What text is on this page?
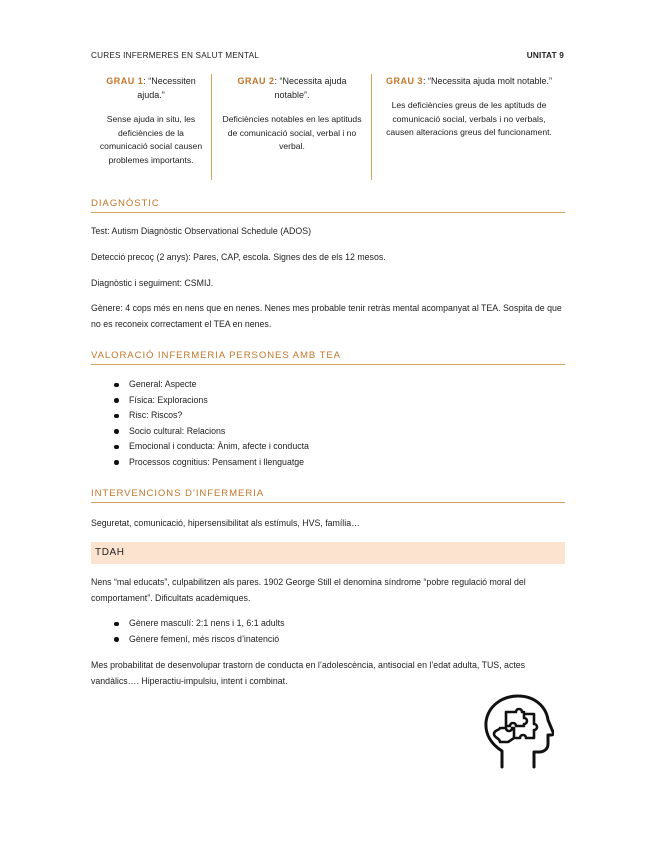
CURES INFERMERES EN SALUT MENTAL	UNITAT 9
GRAU 1: “Necessiten ajuda.”
Sense ajuda in situ, les deficiències de la comunicació social causen problemes importants.
GRAU 2: “Necessita ajuda notable”.
Deficiències notables en les aptituds de comunicació social, verbal i no verbal.
GRAU 3: “Necessita ajuda molt notable.”
Les deficiències greus de les aptituds de comunicació social, verbals i no verbals, causen alteracions greus del funcionament.
DIAGNÒSTIC
Test: Autism Diagnòstic Observational Schedule (ADOS)
Detecció precoç (2 anys): Pares, CAP, escola. Signes des de els 12 mesos.
Diagnòstic i seguiment: CSMIJ.
Gènere: 4 cops més en nens que en nenes. Nenes mes probable tenir retràs mental acompanyat al TEA. Sospita de que no es reconeix correctament el TEA en nenes.
VALORACIÓ INFERMERIA PERSONES AMB TEA
General: Aspecte
Física: Exploracions
Risc: Riscos?
Socio cultural: Relacions
Emocional i conducta: Ànim, afecte i conducta
Processos cognitius: Pensament i llenguatge
INTERVENCIONS D’INFERMERIA
Seguretat, comunicació, hipersensibilitat als estímuls, HVS, família…
TDAH
Nens “mal educats”, culpabilitzen als pares. 1902 George Still el denomina síndrome “pobre regulació moral del comportament”. Dificultats acadèmiques.
Gènere masculí: 2:1 nens i 1, 6:1 adults
Gènere femení, més riscos d’inatenció
Mes probabilitat de desenvolupar trastorn de conducta en l’adolescència, antisocial en l’edat adulta, TUS, actes vandàlics…. Hiperactiu-impulsiu, intent i combinat.
